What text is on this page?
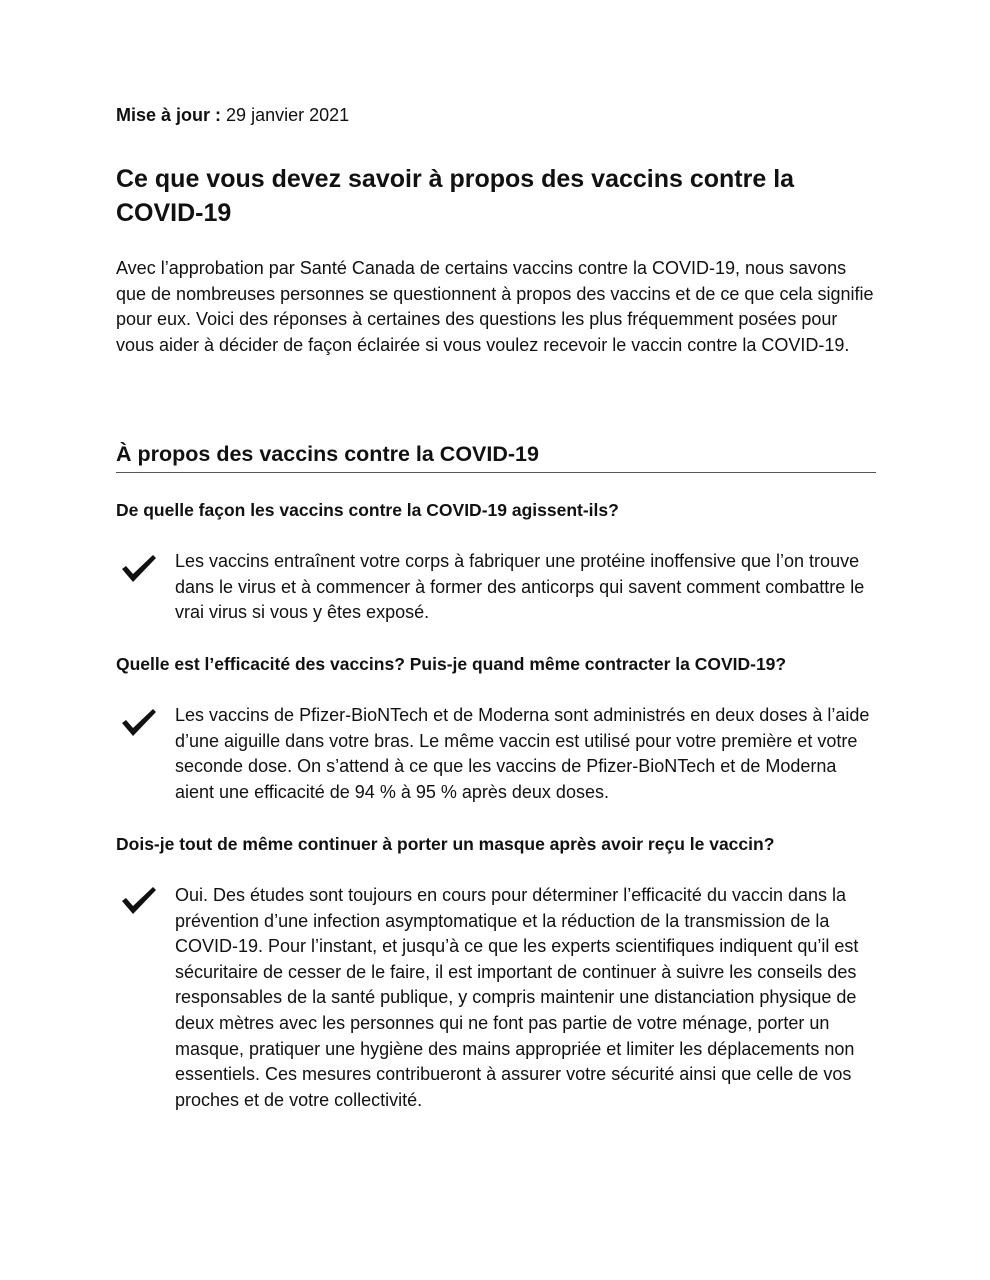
Mise à jour : 29 janvier 2021
Ce que vous devez savoir à propos des vaccins contre la COVID-19

Avec l’approbation par Santé Canada de certains vaccins contre la COVID-19, nous savons que de nombreuses personnes se questionnent à propos des vaccins et de ce que cela signifie pour eux. Voici des réponses à certaines des questions les plus fréquemment posées pour vous aider à décider de façon éclairée si vous voulez recevoir le vaccin contre la COVID-19.

À propos des vaccins contre la COVID-19
De quelle façon les vaccins contre la COVID-19 agissent-ils?

Les vaccins entraînent votre corps à fabriquer une protéine inoffensive que l’on trouve dans le virus et à commencer à former des anticorps qui savent comment combattre le vrai virus si vous y êtes exposé.

Quelle est l’efficacité des vaccins? Puis-je quand même contracter la COVID-19?

Les vaccins de Pfizer-BioNTech et de Moderna sont administrés en deux doses à l’aide d’une aiguille dans votre bras. Le même vaccin est utilisé pour votre première et votre seconde dose. On s’attend à ce que les vaccins de Pfizer-BioNTech et de Moderna aient une efficacité de 94 % à 95 % après deux doses.

Dois-je tout de même continuer à porter un masque après avoir reçu le vaccin?

Oui. Des études sont toujours en cours pour déterminer l’efficacité du vaccin dans la prévention d’une infection asymptomatique et la réduction de la transmission de la COVID-19. Pour l’instant, et jusqu’à ce que les experts scientifiques indiquent qu’il est sécuritaire de cesser de le faire, il est important de continuer à suivre les conseils des responsables de la santé publique, y compris maintenir une distanciation physique de deux mètres avec les personnes qui ne font pas partie de votre ménage, porter un masque, pratiquer une hygiène des mains appropriée et limiter les déplacements non essentiels. Ces mesures contribueront à assurer votre sécurité ainsi que celle de vos proches et de votre collectivité.
